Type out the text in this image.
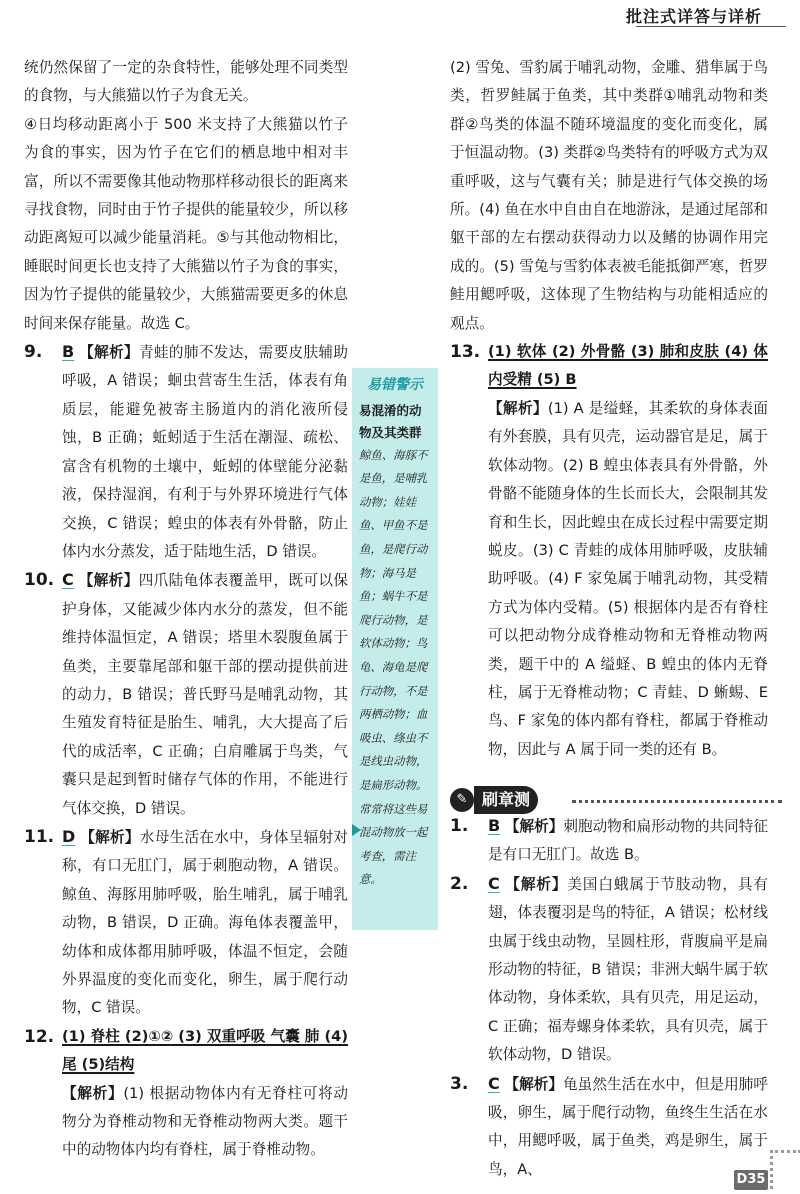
批注式详答与详析

统仍然保留了一定的杂食特性，能够处理不同类型的食物，与大熊猫以竹子为食无关。

④日均移动距离小于 500 米支持了大熊猫以竹子为食的事实，因为竹子在它们的栖息地中相对丰富，所以不需要像其他动物那样移动很长的距离来寻找食物，同时由于竹子提供的能量较少，所以移动距离短可以减少能量消耗。⑤与其他动物相比，睡眠时间更长也支持了大熊猫以竹子为食的事实，因为竹子提供的能量较少，大熊猫需要更多的休息时间来保存能量。故选 C。

9. B 【解析】青蛙的肺不发达，需要皮肤辅助呼吸，A 错误；蛔虫营寄生生活，体表有角质层，能避免被寄主肠道内的消化液所侵蚀，B 正确；蚯蚓适于生活在潮湿、疏松、富含有机物的土壤中，蚯蚓的体壁能分泌黏液，保持湿润，有利于与外界环境进行气体交换，C 错误；蝗虫的体表有外骨骼，防止体内水分蒸发，适于陆地生活，D 错误。

10. C 【解析】四爪陆龟体表覆盖甲，既可以保护身体，又能减少体内水分的蒸发，但不能维持体温恒定，A 错误；塔里木裂腹鱼属于鱼类，主要靠尾部和躯干部的摆动提供前进的动力，B 错误；普氏野马是哺乳动物，其生殖发育特征是胎生、哺乳，大大提高了后代的成活率，C 正确；白肩雕属于鸟类，气囊只是起到暂时储存气体的作用，不能进行气体交换，D 错误。

11. D 【解析】水母生活在水中，身体呈辐射对称，有口无肛门，属于刺胞动物，A 错误。鲸鱼、海豚用肺呼吸，胎生哺乳，属于哺乳动物，B 错误，D 正确。海龟体表覆盖甲，幼体和成体都用肺呼吸，体温不恒定，会随外界温度的变化而变化，卵生，属于爬行动物，C 错误。

12. (1) 脊柱 (2)①② (3) 双重呼吸 气囊 肺 (4)尾 (5)结构
【解析】(1) 根据动物体内有无脊柱可将动物分为脊椎动物和无脊椎动物两大类。题干中的动物体内均有脊柱，属于脊椎动物。

易错警示
易混淆的动物及其类群
鲸鱼、海豚不是鱼，是哺乳动物；娃娃鱼、甲鱼不是鱼，是爬行动物；海马是鱼；蜗牛不是爬行动物，是软体动物；鸟龟、海龟是爬行动物，不是两栖动物；血吸虫、绦虫不是线虫动物，是扁形动物。常常将这些易混动物放一起考查，需注意。

(2) 雪兔、雪豹属于哺乳动物，金雕、猎隼属于鸟类，哲罗鲑属于鱼类，其中类群①哺乳动物和类群②鸟类的体温不随环境温度的变化而变化，属于恒温动物。(3) 类群②鸟类特有的呼吸方式为双重呼吸，这与气囊有关；肺是进行气体交换的场所。(4) 鱼在水中自由自在地游泳，是通过尾部和躯干部的左右摆动获得动力以及鳍的协调作用完成的。(5) 雪兔与雪豹体表被毛能抵御严寒，哲罗鲑用鳃呼吸，这体现了生物结构与功能相适应的观点。

13. (1) 软体 (2) 外骨骼 (3) 肺和皮肤 (4) 体内受精 (5) B
【解析】(1) A 是缢蛏，其柔软的身体表面有外套膜，具有贝壳，运动器官是足，属于软体动物。(2) B 蝗虫体表具有外骨骼，外骨骼不能随身体的生长而长大，会限制其发育和生长，因此蝗虫在成长过程中需要定期蜕皮。(3) C 青蛙的成体用肺呼吸，皮肤辅助呼吸。(4) F 家兔属于哺乳动物，其受精方式为体内受精。(5) 根据体内是否有脊柱可以把动物分成脊椎动物和无脊椎动物两类，题干中的 A 缢蛏、B 蝗虫的体内无脊柱，属于无脊椎动物；C 青蛙、D 蜥蜴、E 鸟、F 家兔的体内都有脊柱，都属于脊椎动物，因此与 A 属于同一类的还有 B。

✎ 刷章测

1. B 【解析】刺胞动物和扁形动物的共同特征是有口无肛门。故选 B。

2. C 【解析】美国白蛾属于节肢动物，具有翅，体表覆羽是鸟的特征，A 错误；松材线虫属于线虫动物，呈圆柱形，背腹扁平是扁形动物的特征，B 错误；非洲大蜗牛属于软体动物，身体柔软，具有贝壳，用足运动，C 正确；福寿螺身体柔软，具有贝壳，属于软体动物，D 错误。

3. C 【解析】龟虽然生活在水中，但是用肺呼吸，卵生，属于爬行动物，鱼终生生活在水中，用鳃呼吸，属于鱼类，鸡是卵生，属于鸟，A、

D35
